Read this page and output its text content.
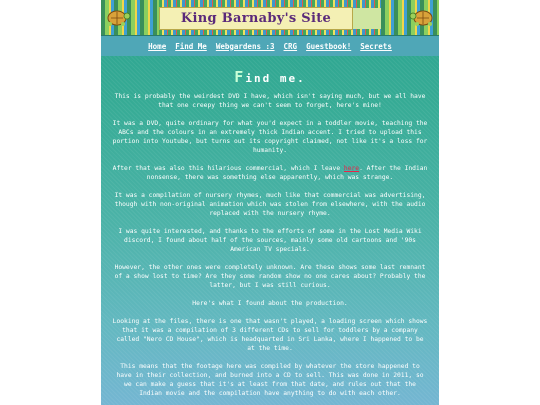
King Barnaby's Site
Home Find Me Webgardens :3 CRG Guestbook! Secrets
Find me.

This is probably the weirdest DVD I have, which isn't saying much, but we all have that one creepy thing we can't seem to forget, here's mine!

It was a DVD, quite ordinary for what you'd expect in a toddler movie, teaching the ABCs and the colours in an extremely thick Indian accent. I tried to upload this portion into Youtube, but turns out its copyright claimed, not like it's a loss for humanity.

After that was also this hilarious commercial, which I leave here. After the Indian nonsense, there was something else apparently, which was strange.

It was a compilation of nursery rhymes, much like that commercial was advertising, though with non-original animation which was stolen from elsewhere, with the audio replaced with the nursery rhyme.

I was quite interested, and thanks to the efforts of some in the Lost Media Wiki discord, I found about half of the sources, mainly some old cartoons and '90s American TV specials.

However, the other ones were completely unknown. Are these shows some last remnant of a show lost to time? Are they some random show no one cares about? Probably the latter, but I was still curious.

Here's what I found about the production.

Looking at the files, there is one that wasn't played, a loading screen which shows that it was a compilation of 3 different CDs to sell for toddlers by a company called "Nero CD House", which is headquarted in Sri Lanka, where I happened to be at the time.

This means that the footage here was compiled by whatever the store happened to have in their collection, and burned into a CD to sell. This was done in 2011, so we can make a guess that it's at least from that date, and rules out that the Indian movie and the compilation have anything to do with each other.
